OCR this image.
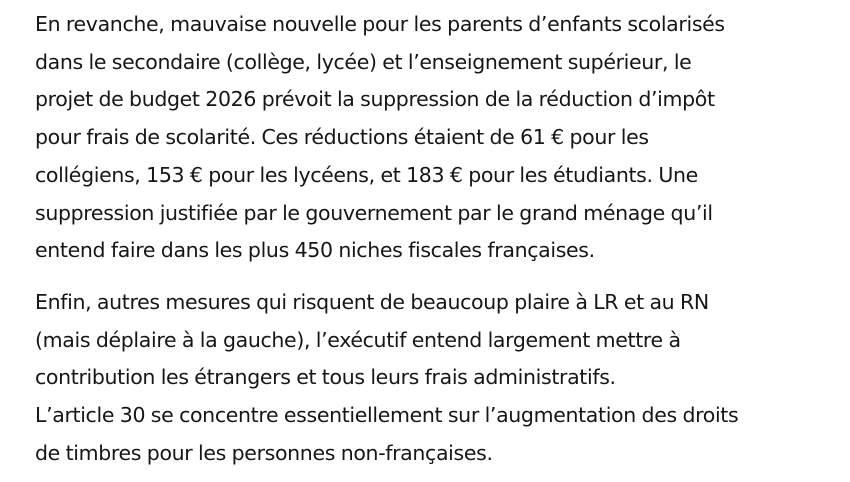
En revanche, mauvaise nouvelle pour les parents d’enfants scolarisés
dans le secondaire (collège, lycée) et l’enseignement supérieur, le
projet de budget 2026 prévoit la suppression de la réduction d’impôt
pour frais de scolarité. Ces réductions étaient de 61 € pour les
collégiens, 153 € pour les lycéens, et 183 € pour les étudiants. Une
suppression justifiée par le gouvernement par le grand ménage qu’il
entend faire dans les plus 450 niches fiscales françaises.

Enfin, autres mesures qui risquent de beaucoup plaire à LR et au RN
(mais déplaire à la gauche), l’exécutif entend largement mettre à
contribution les étrangers et tous leurs frais administratifs.
L’article 30 se concentre essentiellement sur l’augmentation des droits
de timbres pour les personnes non-françaises.
